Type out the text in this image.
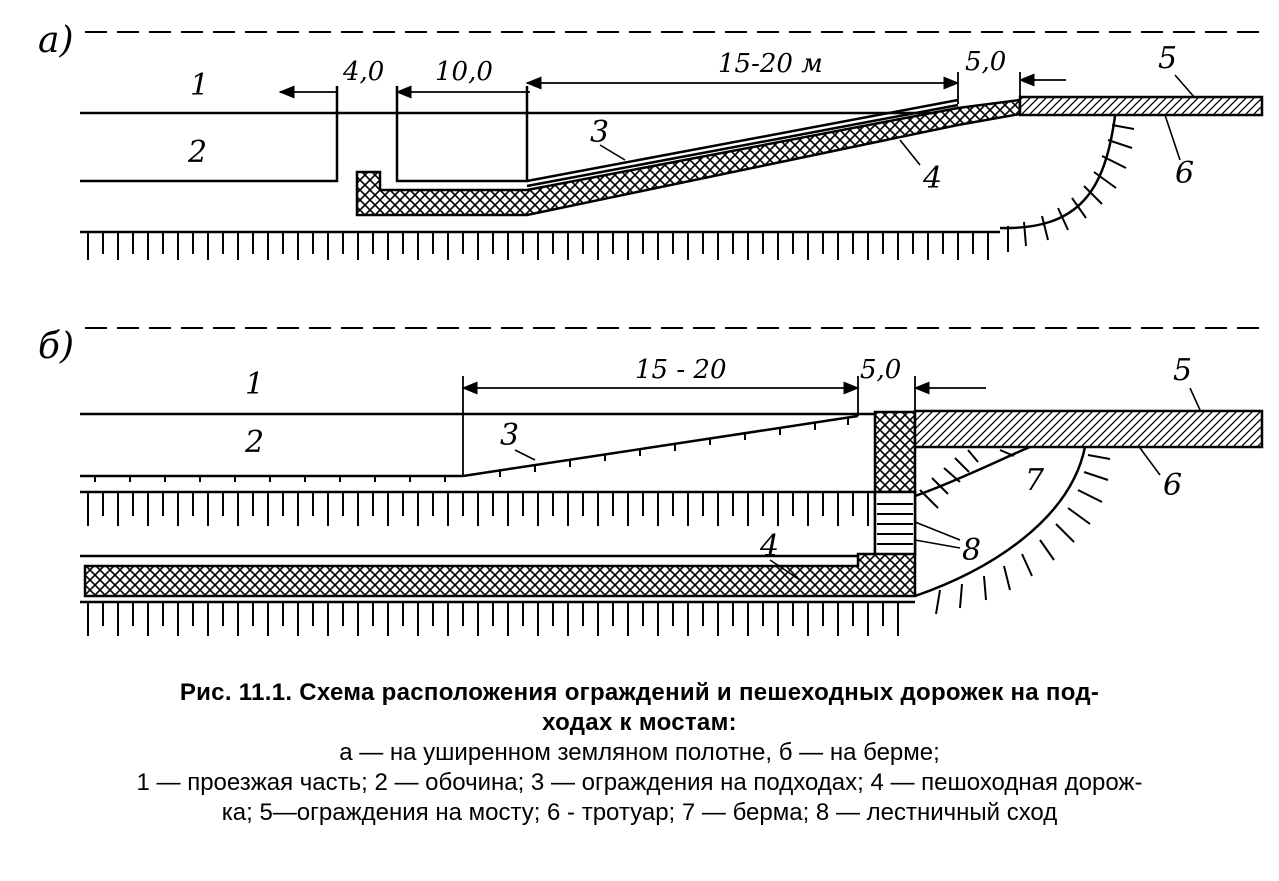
а)
4,0 10,0	15-20 м	5,0
1
2
3
4
5
6
б)
15 - 20	5,0
1
2	3
4
5
6
7
8
Рис. 11.1. Схема расположения ограждений и пешеходных дорожек на под-
ходах к мостам:
а — на уширенном земляном полотне, б — на берме;
1 — проезжая часть; 2 — обочина; 3 — ограждения на подходах; 4 — пешоходная дорож-
ка; 5—ограждения на мосту; 6 - тротуар; 7 — берма; 8 — лестничный сход
